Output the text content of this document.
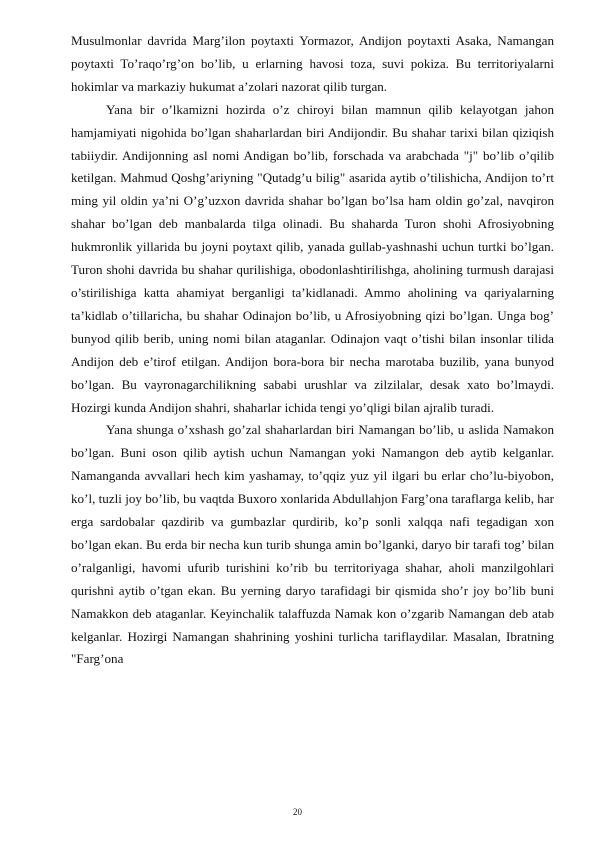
Musulmonlar davrida Marg’ilon poytaxti Yormazor, Andijon poytaxti Asaka, Namangan poytaxti To’raqo’rg’on bo’lib, u erlarning havosi toza, suvi pokiza. Bu territoriyalarni hokimlar va markaziy hukumat a’zolari nazorat qilib turgan.

Yana bir o’lkamizni hozirda o’z chiroyi bilan mamnun qilib kelayotgan jahon hamjamiyati nigohida bo’lgan shaharlardan biri Andijondir. Bu shahar tarixi bilan qiziqish tabiiydir. Andijonning asl nomi Andigan bo’lib, forschada va arabchada "j" bo’lib o’qilib ketilgan. Mahmud Qoshg’ariyning "Qutadg’u bilig" asarida aytib o’tilishicha, Andijon to’rt ming yil oldin ya’ni O’g’uzxon davrida shahar bo’lgan bo’lsa ham oldin go’zal, navqiron shahar bo’lgan deb manbalarda tilga olinadi. Bu shaharda Turon shohi Afrosiyobning hukmronlik yillarida bu joyni poytaxt qilib, yanada gullab-yashnashi uchun turtki bo’lgan. Turon shohi davrida bu shahar qurilishiga, obodonlashtirilishga, aholining turmush darajasi o’stirilishiga katta ahamiyat berganligi ta’kidlanadi. Ammo aholining va qariyalarning ta’kidlab o’tillaricha, bu shahar Odinajon bo’lib, u Afrosiyobning qizi bo’lgan. Unga bog’ bunyod qilib berib, uning nomi bilan ataganlar. Odinajon vaqt o’tishi bilan insonlar tilida Andijon deb e’tirof etilgan. Andijon bora-bora bir necha marotaba buzilib, yana bunyod bo’lgan. Bu vayronagarchilikning sababi urushlar va zilzilalar, desak xato bo’lmaydi. Hozirgi kunda Andijon shahri, shaharlar ichida tengi yo’qligi bilan ajralib turadi.

Yana shunga o’xshash go’zal shaharlardan biri Namangan bo’lib, u aslida Namakon bo’lgan. Buni oson qilib aytish uchun Namangan yoki Namangon deb aytib kelganlar. Namanganda avvallari hech kim yashamay, to’qqiz yuz yil ilgari bu erlar cho’lu-biyobon, ko’l, tuzli joy bo’lib, bu vaqtda Buxoro xonlarida Abdullahjon Farg’ona taraflarga kelib, har erga sardobalar qazdirib va gumbazlar qurdirib, ko’p sonli xalqqa nafi tegadigan xon bo’lgan ekan. Bu erda bir necha kun turib shunga amin bo’lganki, daryo bir tarafi tog’ bilan o’ralganligi, havomi ufurib turishini ko’rib bu territoriyaga shahar, aholi manzilgohlari qurishni aytib o’tgan ekan. Bu yerning daryo tarafidagi bir qismida sho’r joy bo’lib buni Namakkon deb ataganlar. Keyinchalik talaffuzda Namak kon o’zgarib Namangan deb atab kelganlar. Hozirgi Namangan shahrining yoshini turlicha tariflaydilar. Masalan, Ibratning "Farg’ona

20
